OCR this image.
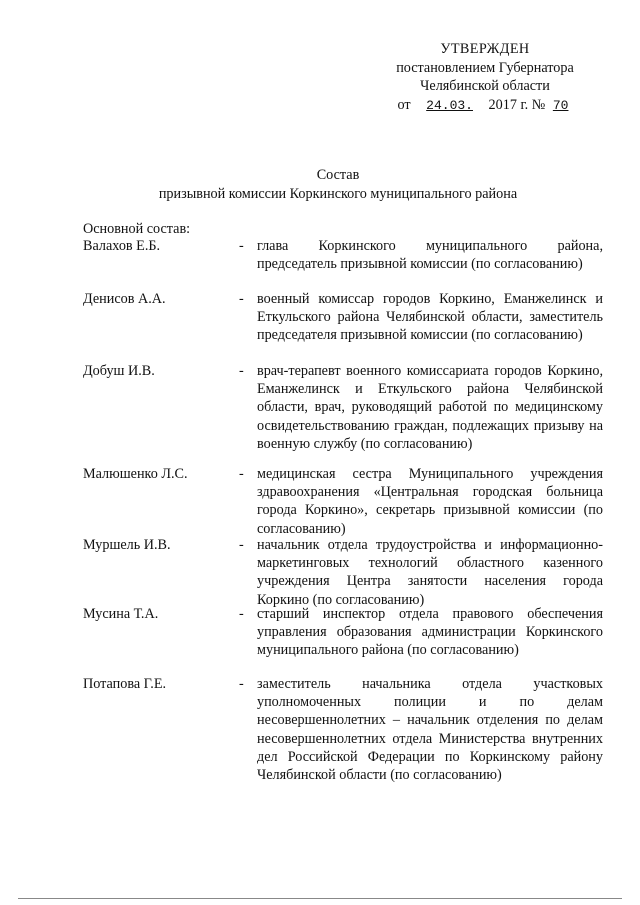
УТВЕРЖДЕН
постановлением Губернатора
Челябинской области
от 24.03. 2017 г. № 70
Состав
призывной комиссии Коркинского муниципального района
Основной состав:
Валахов Е.Б.	- глава Коркинского муниципального района, председатель призывной комиссии (по согласованию)
Денисов А.А.	- военный комиссар городов Коркино, Еманжелинск и Еткульского района Челябинской области, заместитель председателя призывной комиссии (по согласованию)
Добуш И.В.	- врач-терапевт военного комиссариата городов Коркино, Еманжелинск и Еткульского района Челябинской области, врач, руководящий работой по медицинскому освидетельствованию граждан, подлежащих призыву на военную службу (по согласованию)
Малюшенко Л.С.	- медицинская сестра Муниципального учреждения здравоохранения «Центральная городская больница города Коркино», секретарь призывной комиссии (по согласованию)
Муршель И.В.	- начальник отдела трудоустройства и информационно-маркетинговых технологий областного казенного учреждения Центра занятости населения города Коркино (по согласованию)
Мусина Т.А.	- старший инспектор отдела правового обеспечения управления образования администрации Коркинского муниципального района (по согласованию)
Потапова Г.Е.	- заместитель начальника отдела участковых уполномоченных полиции и по делам несовершеннолетних – начальник отделения по делам несовершеннолетних отдела Министерства внутренних дел Российской Федерации по Коркинскому району Челябинской области (по согласованию)
